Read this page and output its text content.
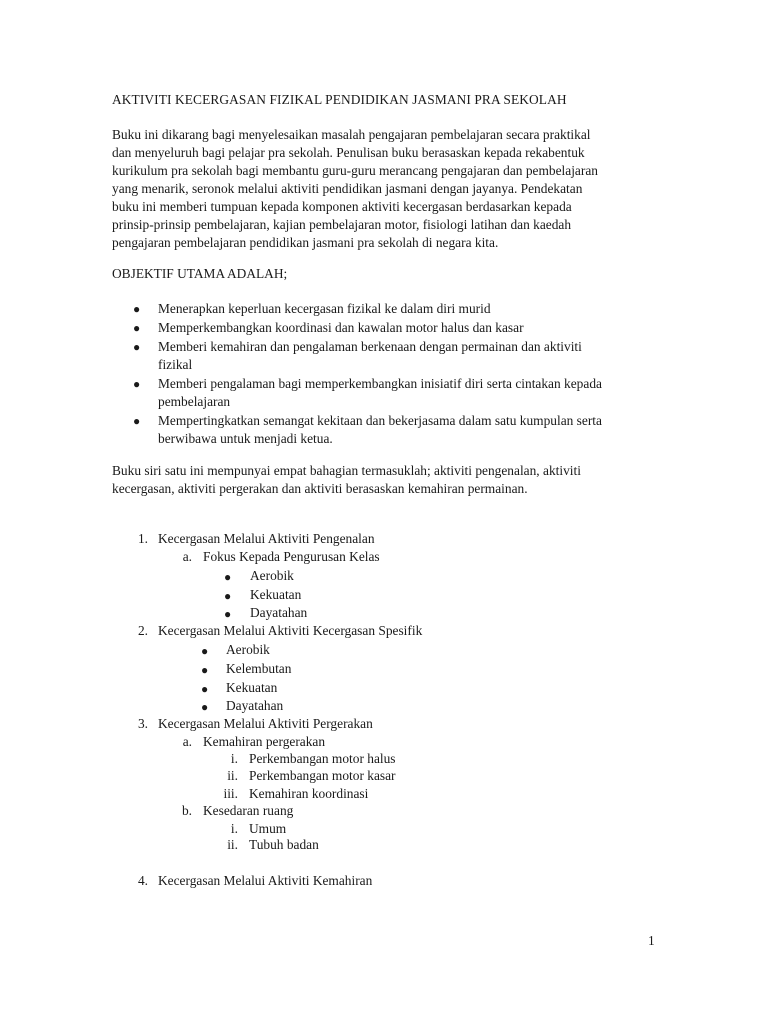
AKTIVITI KECERGASAN FIZIKAL PENDIDIKAN JASMANI PRA SEKOLAH
Buku ini dikarang bagi menyelesaikan masalah pengajaran pembelajaran secara praktikal
dan menyeluruh bagi pelajar pra sekolah. Penulisan buku berasaskan kepada rekabentuk
kurikulum pra sekolah bagi membantu guru-guru merancang pengajaran dan pembelajaran
yang menarik, seronok melalui aktiviti pendidikan jasmani dengan jayanya. Pendekatan
buku ini memberi tumpuan kepada komponen aktiviti kecergasan berdasarkan kepada
prinsip-prinsip pembelajaran, kajian pembelajaran motor, fisiologi latihan dan kaedah
pengajaran pembelajaran pendidikan jasmani pra sekolah di negara kita.
OBJEKTIF UTAMA ADALAH;
● Menerapkan keperluan kecergasan fizikal ke dalam diri murid
● Memperkembangkan koordinasi dan kawalan motor halus dan kasar
● Memberi kemahiran dan pengalaman berkenaan dengan permainan dan aktiviti
fizikal
● Memberi pengalaman bagi memperkembangkan inisiatif diri serta cintakan kepada
pembelajaran
● Mempertingkatkan semangat kekitaan dan bekerjasama dalam satu kumpulan serta
berwibawa untuk menjadi ketua.
Buku siri satu ini mempunyai empat bahagian termasuklah; aktiviti pengenalan, aktiviti
kecergasan, aktiviti pergerakan dan aktiviti berasaskan kemahiran permainan.
1. Kecergasan Melalui Aktiviti Pengenalan
a. Fokus Kepada Pengurusan Kelas
● Aerobik
● Kekuatan
● Dayatahan
2. Kecergasan Melalui Aktiviti Kecergasan Spesifik
● Aerobik
● Kelembutan
● Kekuatan
● Dayatahan
3. Kecergasan Melalui Aktiviti Pergerakan
a. Kemahiran pergerakan
i. Perkembangan motor halus
ii. Perkembangan motor kasar
iii. Kemahiran koordinasi
b. Kesedaran ruang
i. Umum
ii. Tubuh badan
4. Kecergasan Melalui Aktiviti Kemahiran
1
